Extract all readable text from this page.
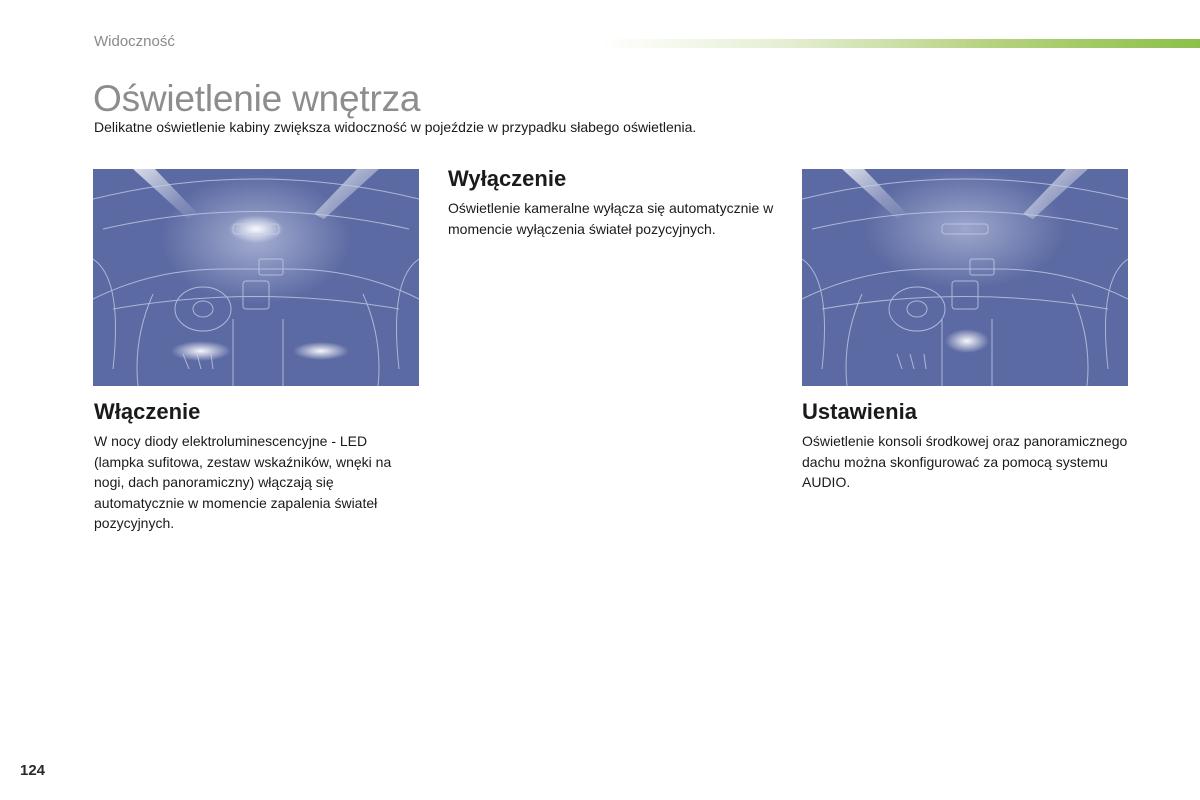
Widoczność
Oświetlenie wnętrza

Delikatne oświetlenie kabiny zwiększa widoczność w pojeździe w przypadku słabego oświetlenia.

Wyłączenie

Oświetlenie kameralne wyłącza się automatycznie w momencie wyłączenia świateł pozycyjnych.

Włączenie

W nocy diody elektroluminescencyjne - LED (lampka sufitowa, zestaw wskaźników, wnęki na nogi, dach panoramiczny) włączają się automatycznie w momencie zapalenia świateł pozycyjnych.

Ustawienia

Oświetlenie konsoli środkowej oraz panoramicznego dachu można skonfigurować za pomocą systemu AUDIO.

124
